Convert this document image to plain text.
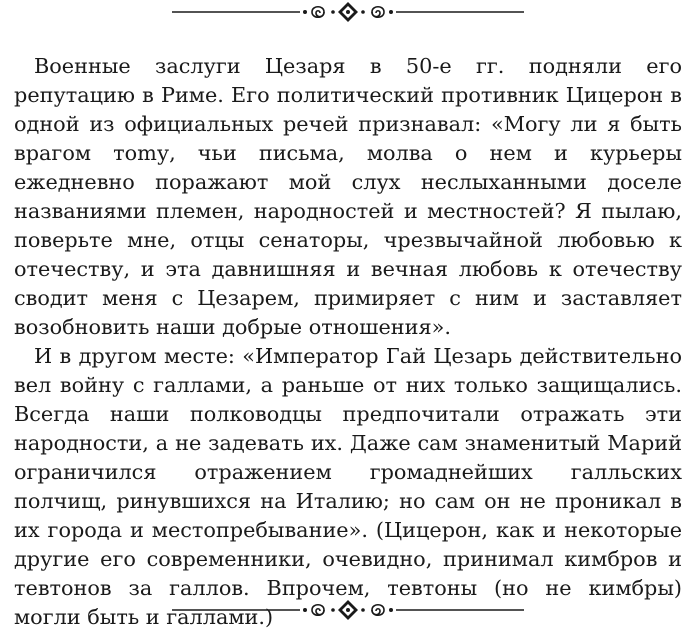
Военные заслуги Цезаря в 50-е гг. подняли его репутацию в Риме. Его политический противник Цицерон в одной из официальных речей признавал: «Могу ли я быть врагом тоmу, чьи письма, молва о нем и курьеры ежедневно поражают мой слух неслыханными доселе названиями племен, народностей и местностей? Я пылаю, поверьте мне, отцы сенаторы, чрезвычайной любовью к отечеству, и эта давнишняя и вечная любовь к отечеству сводит меня с Цезарем, примиряет с ним и заставляет возобновить наши добрые отношения».

И в другом месте: «Император Гай Цезарь действительно вел войну с галлами, а раньше от них только защищались. Всегда наши полководцы предпочитали отражать эти народности, а не задевать их. Даже сам знаменитый Марий ограничился отражением громаднейших галльских полчищ, ринувшихся на Италию; но сам он не проникал в их города и местопребывание». (Цицерон, как и некоторые другие его современники, очевидно, принимал кимбров и тевтонов за галлов. Впрочем, тевтоны (но не кимбры) могли быть и галлами.)
